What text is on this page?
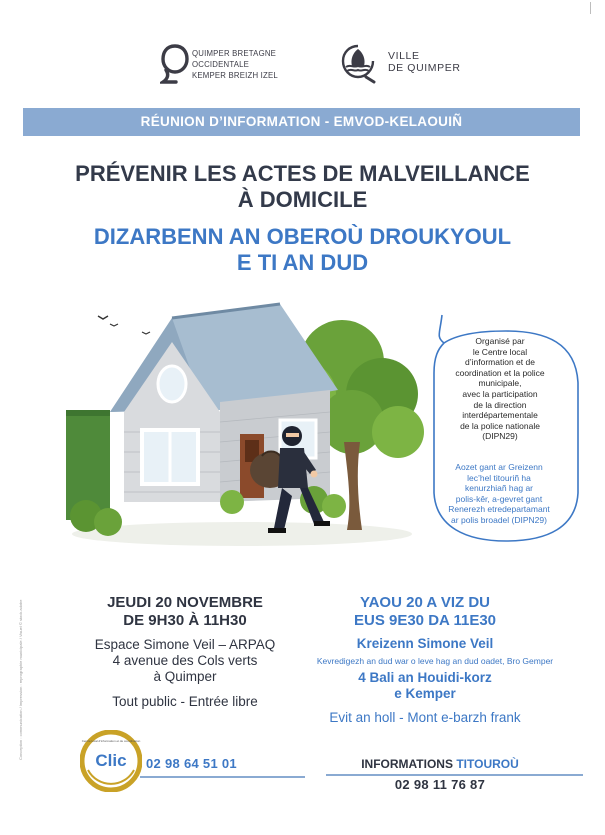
QUIMPER BRETAGNE
OCCIDENTALE
KEMPER BREIZH IZEL
VILLE
DE QUIMPER
RÉUNION D’INFORMATION - EMVOD-KELAOUIÑ
PRÉVENIR LES ACTES DE MALVEILLANCE
À DOMICILE
DIZARBENN AN OBEROÙ DROUKYOUL
E TI AN DUD
Organisé par
le Centre local
d’information et de
coordination et la police
municipale,
avec la participation
de la direction
interdépartementale
de la police nationale
(DIPN29)
Aozet gant ar Greizenn
lec’hel titouriñ ha
kenurzhiañ hag ar
polis-kêr, a-gevret gant
Renerezh etredepartamant
ar polis broadel (DIPN29)
JEUDI 20 NOVEMBRE
DE 9H30 À 11H30
Espace Simone Veil – ARPAQ
4 avenue des Cols verts
à Quimper
Tout public - Entrée libre
YAOU 20 A VIZ DU
EUS 9E30 DA 11E30
Kreizenn Simone Veil
Kevredigezh an dud war o leve hag an dud oadet, Bro Gemper
4 Bali an Houidi-korz
e Kemper
Evit an holl - Mont e-barzh frank
Conception : communication / Impression : reprographie municipale / Visuel © stock.adobe
Clic
Centre local d'information et de coordination
02 98 64 51 01	INFORMATIONS TITOUROÙ
02 98 11 76 87
